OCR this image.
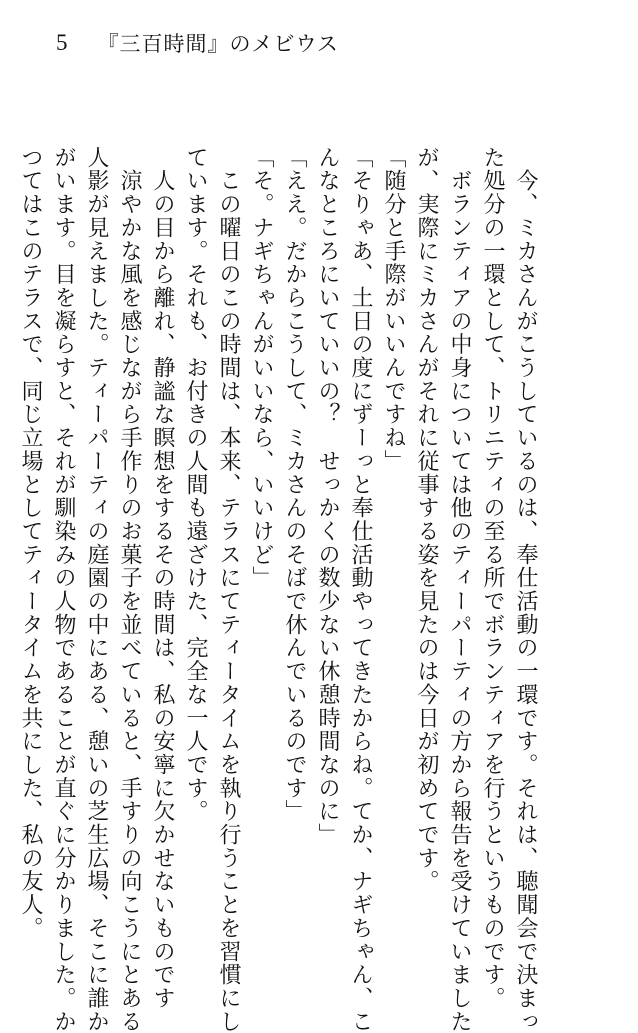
5 『三百時間』のメビウス
　今、ミカさんがこうしているのは、奉仕活動の一環です。それは、聴聞会で決まっ
た処分の一環として、トリニティの至る所でボランティアを行うというものです。
　ボランティアの中身については他のティーパーティの方から報告を受けていました
が、実際にミカさんがそれに従事する姿を見たのは今日が初めてです。
「随分と手際がいいんですね」
「そりゃあ、土日の度にずーっと奉仕活動やってきたからね。てか、ナギちゃん、こ
んなところにいていいの？　せっかくの数少ない休憩時間なのに」
「ええ。だからこうして、ミカさんのそばで休んでいるのです」
「そ。ナギちゃんがいいなら、いいけど」
　この曜日のこの時間は、本来、テラスにてティータイムを執り行うことを習慣にし
ています。それも、お付きの人間も遠ざけた、完全な一人です。
　人の目から離れ、静謐な瞑想をするその時間は、私の安寧に欠かせないものです
　涼やかな風を感じながら手作りのお菓子を並べていると、手すりの向こうにとある
人影が見えました。ティーパーティの庭園の中にある、憩いの芝生広場、そこに誰か
がいます。目を凝らすと、それが馴染みの人物であることが直ぐに分かりました。か
つてはこのテラスで、同じ立場としてティータイムを共にした、私の友人。
